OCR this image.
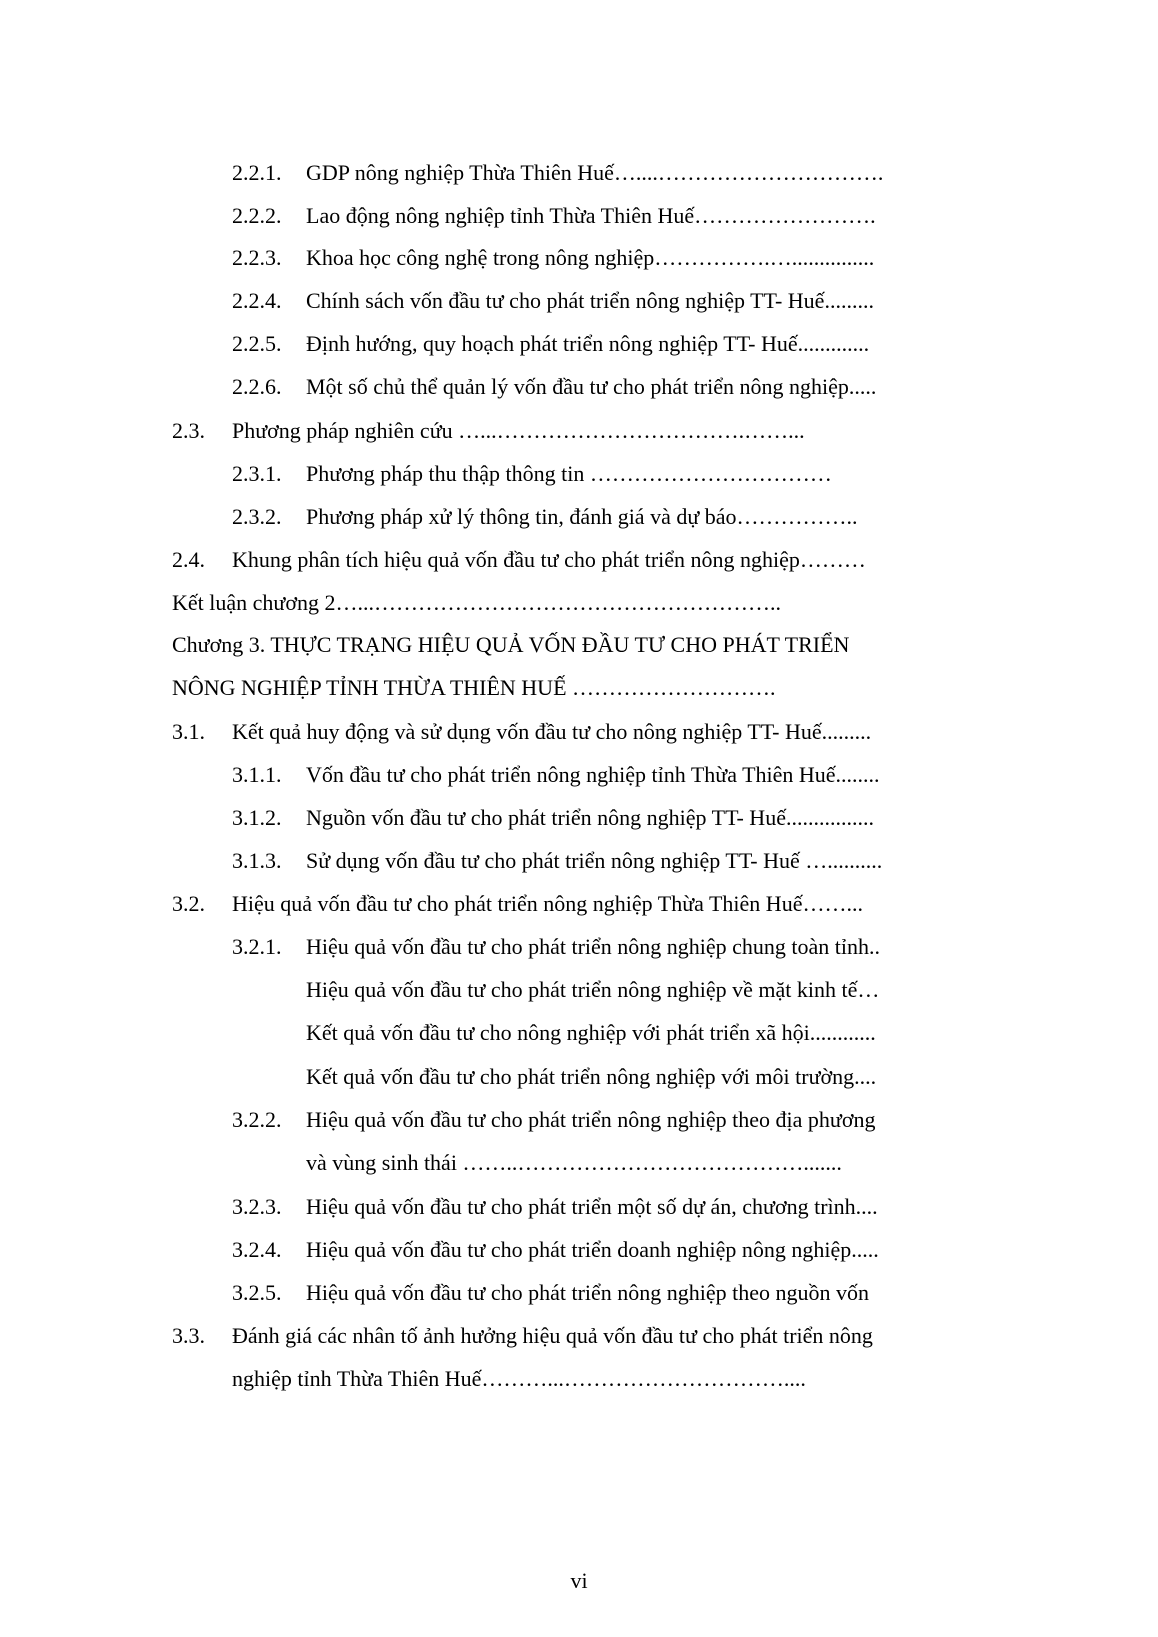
2.2.1. GDP nông nghiệp Thừa Thiên Huế…....………………………….
2.2.2. Lao động nông nghiệp tỉnh Thừa Thiên Huế…………………….
2.2.3. Khoa học công nghệ trong nông nghiệp…………….…...............
2.2.4. Chính sách vốn đầu tư cho phát triển nông nghiệp TT- Huế.........
2.2.5. Định hướng, quy hoạch phát triển nông nghiệp TT- Huế.............
2.2.6. Một số chủ thể quản lý vốn đầu tư cho phát triển nông nghiệp.....
2.3. Phương pháp nghiên cứu …...…………………………….……...
2.3.1. Phương pháp thu thập thông tin ……………………………
2.3.2. Phương pháp xử lý thông tin, đánh giá và dự báo……………..
2.4. Khung phân tích hiệu quả vốn đầu tư cho phát triển nông nghiệp………
Kết luận chương 2…...………………………………………………..
Chương 3. THỰC TRẠNG HIỆU QUẢ VỐN ĐẦU TƯ CHO PHÁT TRIỂN
NÔNG NGHIỆP TỈNH THỪA THIÊN HUẾ ……………………….
3.1. Kết quả huy động và sử dụng vốn đầu tư cho nông nghiệp TT- Huế.........
3.1.1. Vốn đầu tư cho phát triển nông nghiệp tỉnh Thừa Thiên Huế........
3.1.2. Nguồn vốn đầu tư cho phát triển nông nghiệp TT- Huế................
3.1.3. Sử dụng vốn đầu tư cho phát triển nông nghiệp TT- Huế …..........
3.2. Hiệu quả vốn đầu tư cho phát triển nông nghiệp Thừa Thiên Huế……...
3.2.1. Hiệu quả vốn đầu tư cho phát triển nông nghiệp chung toàn tỉnh..
Hiệu quả vốn đầu tư cho phát triển nông nghiệp về mặt kinh tế…
Kết quả vốn đầu tư cho nông nghiệp với phát triển xã hội............
Kết quả vốn đầu tư cho phát triển nông nghiệp với môi trường....
3.2.2. Hiệu quả vốn đầu tư cho phát triển nông nghiệp theo địa phương
và vùng sinh thái ……..………………………………….......
3.2.3. Hiệu quả vốn đầu tư cho phát triển một số dự án, chương trình....
3.2.4. Hiệu quả vốn đầu tư cho phát triển doanh nghiệp nông nghiệp.....
3.2.5. Hiệu quả vốn đầu tư cho phát triển nông nghiệp theo nguồn vốn
3.3. Đánh giá các nhân tố ảnh hưởng hiệu quả vốn đầu tư cho phát triển nông
nghiệp tỉnh Thừa Thiên Huế………...…………………………....
vi
